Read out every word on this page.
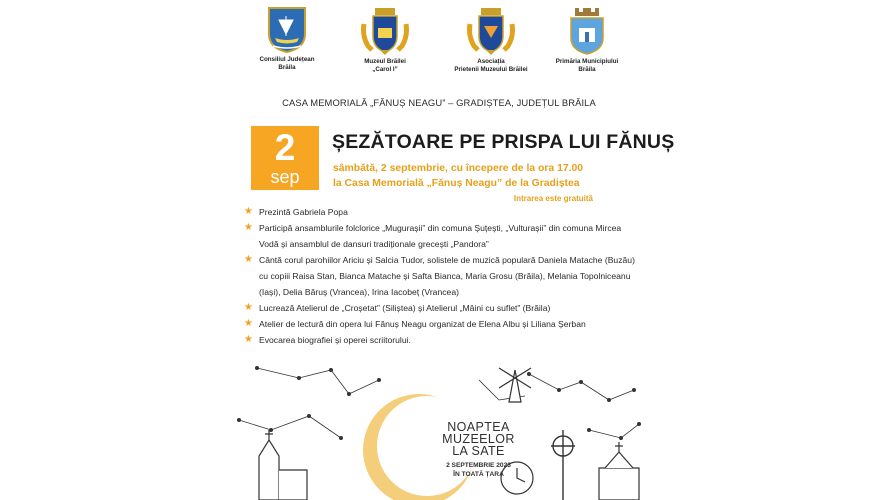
Consiliul Județean
Brăila
Muzeul Brăilei
„Carol I”
Asociația
Prietenii Muzeului Brăilei
Primăria Municipiului
Brăila
CASA MEMORIALĂ „FĂNUȘ NEAGU” – GRADIȘTEA, JUDEȚUL BRĂILA
2
sep
ȘEZĂTOARE PE PRISPA LUI FĂNUȘ
sâmbătă, 2 septembrie, cu începere de la ora 17.00
la Casa Memorială „Fănuș Neagu” de la Gradiștea
Intrarea este gratuită
★ Prezintă Gabriela Popa
★ Participă ansamblurile folclorice „Mugurașii” din comuna Șuțești, „Vulturașii” din comuna Mircea Vodă și ansamblul de dansuri tradiționale grecești „Pandora”
★ Cântă corul parohiilor Ariciu și Salcia Tudor, solistele de muzică populară Daniela Matache (Buzău) cu copiii Raisa Stan, Bianca Matache și Safta Bianca, Maria Grosu (Brăila), Melania Topolniceanu (Iași), Delia Băruș (Vrancea), Irina Iacobeț (Vrancea)
★ Lucrează Atelierul de „Croșetat” (Siliștea) și Atelierul „Mâini cu suflet” (Brăila)
★ Atelier de lectură din opera lui Fănuș Neagu organizat de Elena Albu și Liliana Șerban
★ Evocarea biografiei și operei scriitorului.
NOAPTEA
MUZEELOR
LA SATE
2 SEPTEMBRIE 2023
ÎN TOATĂ ȚARA
